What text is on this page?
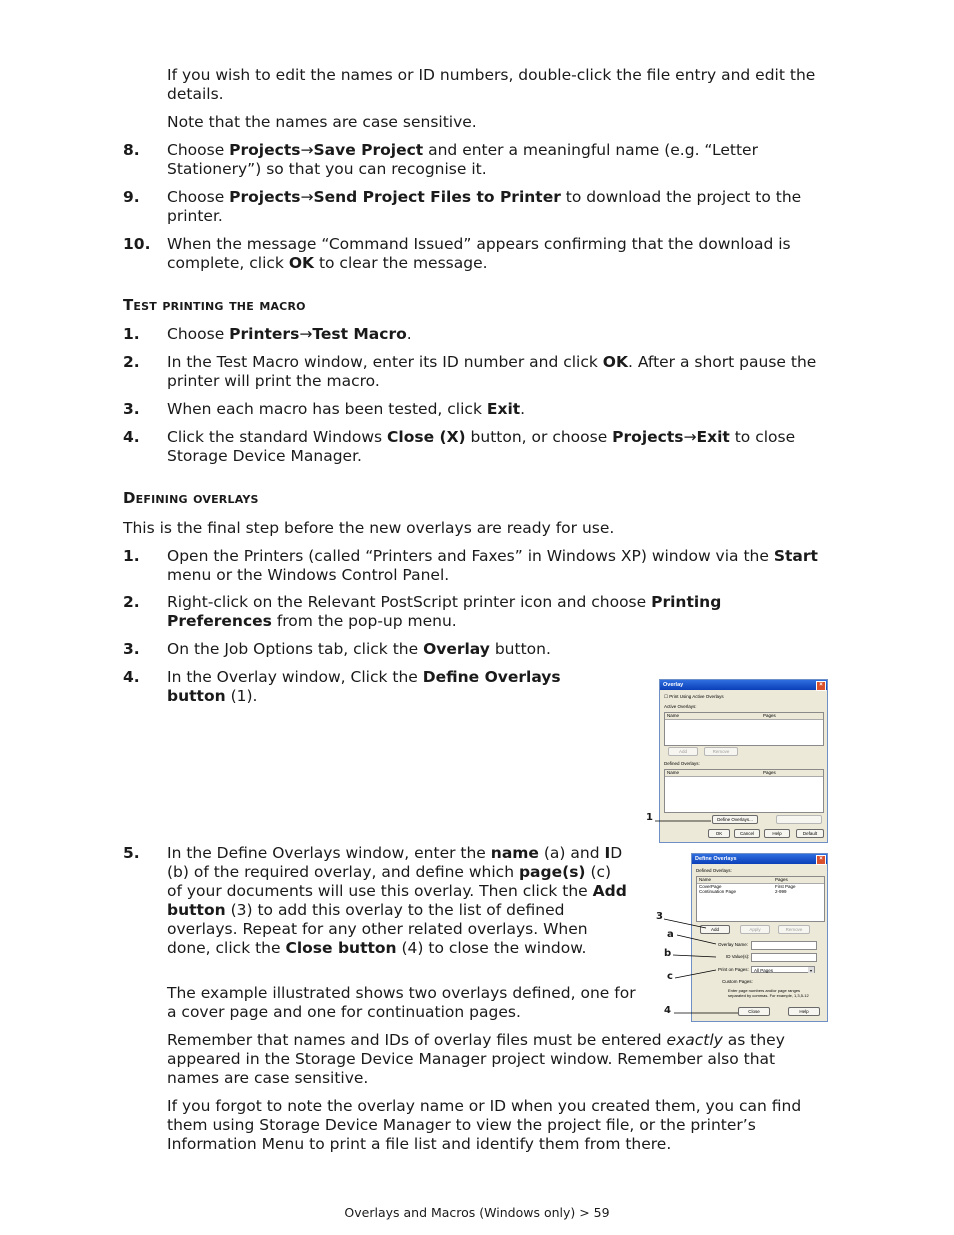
If you wish to edit the names or ID numbers, double-click the file entry and edit the details.
Note that the names are case sensitive.
8. Choose Projects→Save Project and enter a meaningful name (e.g. “Letter Stationery”) so that you can recognise it.
9. Choose Projects→Send Project Files to Printer to download the project to the printer.
10. When the message “Command Issued” appears confirming that the download is complete, click OK to clear the message.
Test printing the macro
1. Choose Printers→Test Macro.
2. In the Test Macro window, enter its ID number and click OK. After a short pause the printer will print the macro.
3. When each macro has been tested, click Exit.
4. Click the standard Windows Close (X) button, or choose Projects→Exit to close Storage Device Manager.
Defining overlays
This is the final step before the new overlays are ready for use.
1. Open the Printers (called “Printers and Faxes” in Windows XP) window via the Start menu or the Windows Control Panel.
2. Right-click on the Relevant PostScript printer icon and choose Printing Preferences from the pop-up menu.
3. On the Job Options tab, click the Overlay button.
4. In the Overlay window, Click the Define Overlays button (1).
5. In the Define Overlays window, enter the name (a) and ID (b) of the required overlay, and define which page(s) (c) of your documents will use this overlay. Then click the Add button (3) to add this overlay to the list of defined overlays. Repeat for any other related overlays. When done, click the Close button (4) to close the window.
The example illustrated shows two overlays defined, one for a cover page and one for continuation pages.
Remember that names and IDs of overlay files must be entered exactly as they appeared in the Storage Device Manager project window. Remember also that names are case sensitive.
If you forgot to note the overlay name or ID when you created them, you can find them using Storage Device Manager to view the project file, or the printer’s Information Menu to print a file list and identify them from there.
Overlay	×
☐ Print Using Active Overlays
Active Overlays:
Name	Pages
Add	Remove
Defined Overlays:
Name	Pages
Define Overlays...
OK	Cancel	Help	Default
Define Overlays	×
Defined Overlays:
Name	Pages
CoverPage	First Page
Continuation Page	2-999
Add	Apply	Remove
Overlay Name:
ID Value(s):
Print on Pages:	All Pages	▾
Custom Pages:
Enter page numbers and/or page ranges separated by commas. For example, 1,3,5-12
Close	Help
1
3
a
b
c
4
Overlays and Macros (Windows only) > 59
